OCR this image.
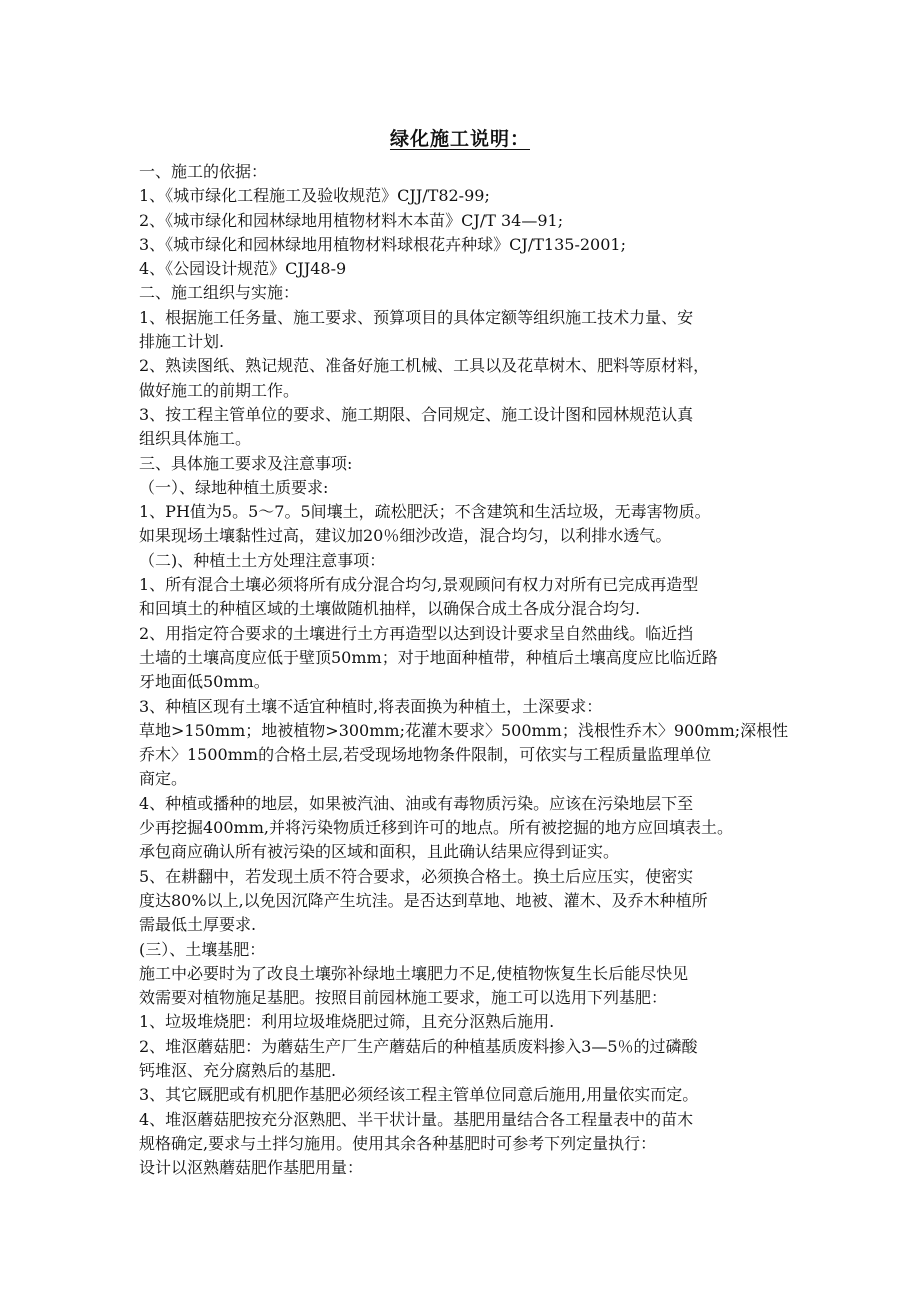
绿化施工说明：
一、施工的依据：
1、《城市绿化工程施工及验收规范》CJJ/T82-99;
2、《城市绿化和园林绿地用植物材料木本苗》CJ/T 34—91;
3、《城市绿化和园林绿地用植物材料球根花卉种球》CJ/T135-2001;
4、《公园设计规范》CJJ48-9
二、施工组织与实施：
1、根据施工任务量、施工要求、预算项目的具体定额等组织施工技术力量、安
排施工计划.
2、熟读图纸、熟记规范、准备好施工机械、工具以及花草树木、肥料等原材料，
做好施工的前期工作。
3、按工程主管单位的要求、施工期限、合同规定、施工设计图和园林规范认真
组织具体施工。
三、具体施工要求及注意事项:
（一）、绿地种植土质要求:
1、PH值为5。5～7。5间壤土，疏松肥沃；不含建筑和生活垃圾，无毒害物质。
如果现场土壤黏性过高，建议加20％细沙改造，混合均匀，以利排水透气。
（二)、种植土土方处理注意事项：
1、所有混合土壤必须将所有成分混合均匀,景观顾问有权力对所有已完成再造型
和回填土的种植区域的土壤做随机抽样，以确保合成土各成分混合均匀.
2、用指定符合要求的土壤进行土方再造型以达到设计要求呈自然曲线。临近挡
土墙的土壤高度应低于壁顶50mm；对于地面种植带，种植后土壤高度应比临近路
牙地面低50mm。
3、种植区现有土壤不适宜种植时,将表面换为种植土，土深要求：
草地>150mm；地被植物>300mm;花灌木要求〉500mm；浅根性乔木〉900mm;深根性
乔木〉1500mm的合格土层,若受现场地物条件限制，可依实与工程质量监理单位
商定。
4、种植或播种的地层，如果被汽油、油或有毒物质污染。应该在污染地层下至
少再挖掘400mm,并将污染物质迁移到许可的地点。所有被挖掘的地方应回填表土。
承包商应确认所有被污染的区域和面积，且此确认结果应得到证实。
5、在耕翻中，若发现土质不符合要求，必须换合格土。换土后应压实，使密实
度达80%以上,以免因沉降产生坑洼。是否达到草地、地被、灌木、及乔木种植所
需最低土厚要求.
(三）、土壤基肥：
施工中必要时为了改良土壤弥补绿地土壤肥力不足,使植物恢复生长后能尽快见
效需要对植物施足基肥。按照目前园林施工要求，施工可以选用下列基肥：
1、垃圾堆烧肥：利用垃圾堆烧肥过筛，且充分沤熟后施用.
2、堆沤蘑菇肥：为蘑菇生产厂生产蘑菇后的种植基质废料掺入3—5％的过磷酸
钙堆沤、充分腐熟后的基肥.
3、其它厩肥或有机肥作基肥必须经该工程主管单位同意后施用,用量依实而定。
4、堆沤蘑菇肥按充分沤熟肥、半干状计量。基肥用量结合各工程量表中的苗木
规格确定,要求与土拌匀施用。使用其余各种基肥时可参考下列定量执行：
设计以沤熟蘑菇肥作基肥用量：
